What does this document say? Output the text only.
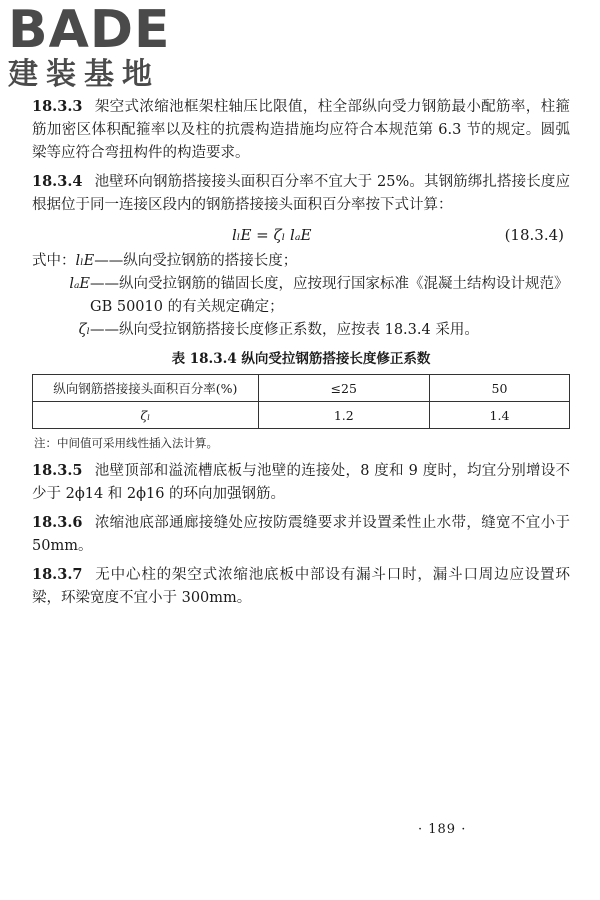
BADE
建装基地

18.3.3 架空式浓缩池框架柱轴压比限值，柱全部纵向受力钢筋最小配筋率，柱箍筋加密区体积配箍率以及柱的抗震构造措施均应符合本规范第 6.3 节的规定。圆弧梁等应符合弯扭构件的构造要求。

18.3.4 池壁环向钢筋搭接接头面积百分率不宜大于 25%。其钢筋绑扎搭接长度应根据位于同一连接区段内的钢筋搭接接头面积百分率按下式计算：

lₗE = ζₗ lₐE	(18.3.4)
式中： lₗE ——纵向受拉钢筋的搭接长度；
lₐE ——纵向受拉钢筋的锚固长度，应按现行国家标准《混凝土结构设计规范》GB 50010 的有关规定确定；
ζₗ ——纵向受拉钢筋搭接长度修正系数，应按表 18.3.4 采用。
表 18.3.4 纵向受拉钢筋搭接长度修正系数
纵向钢筋搭接接头面积百分率(%)	≤25	50
ζₗ	1.2	1.4
注：中间值可采用线性插入法计算。

18.3.5 池壁顶部和溢流槽底板与池壁的连接处，8 度和 9 度时，均宜分别增设不少于 2ϕ14 和 2ϕ16 的环向加强钢筋。

18.3.6 浓缩池底部通廊接缝处应按防震缝要求并设置柔性止水带，缝宽不宜小于 50mm。

18.3.7 无中心柱的架空式浓缩池底板中部设有漏斗口时，漏斗口周边应设置环梁，环梁宽度不宜小于 300mm。

· 189 ·
